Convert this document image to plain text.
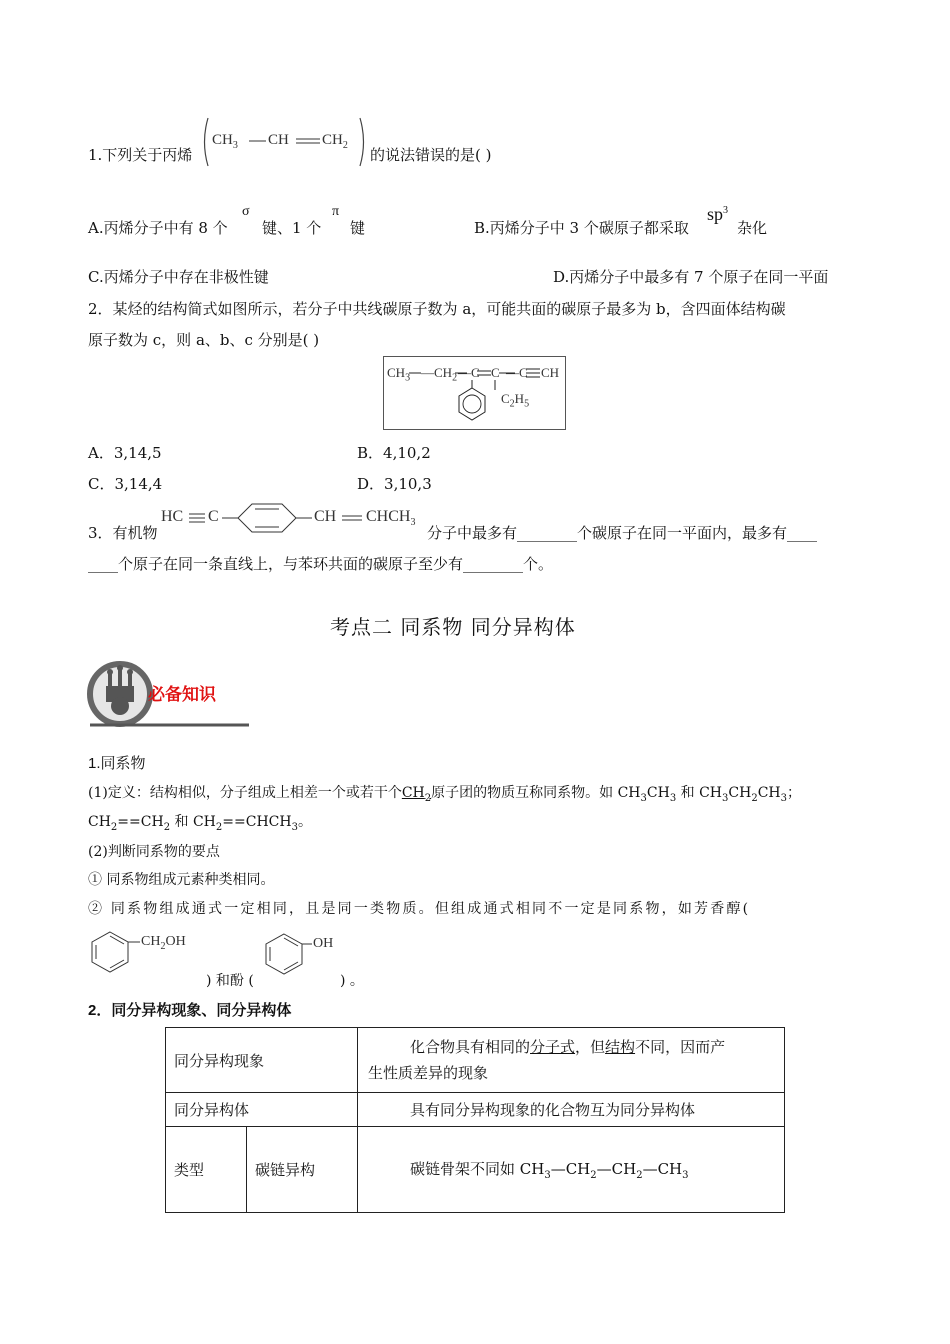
1.下列关于丙烯
$CH_3$ CH $CH_2$
的说法错误的是( )
A.丙烯分子中有 8 个
σ
键、1 个
π
键	B.丙烯分子中 3 个碳原子都采取
$sp^3$
杂化
C.丙烯分子中存在非极性键	D.丙烯分子中最多有 7 个原子在同一平面
2．某烃的结构简式如图所示，若分子中共线碳原子数为 a，可能共面的碳原子最多为 b，含四面体结构碳
原子数为 c，则 a、b、c 分别是( )
$CH_3$ $—CH_2$ —C C —C CH
$C_2H_5$
A．3,14,5	B．4,10,2
C．3,14,4	D．3,10,3
3．有机物
HC C	CH $CHCH_3$
分子中最多有________个碳原子在同一平面内，最多有____
____个原子在同一条直线上，与苯环共面的碳原子至少有________个。
考点二 同系物 同分异构体
必备知识
1.同系物
(1)定义：结构相似，分子组成上相差一个或若干个$CH_2$原子团的物质互称同系物。如 $CH_3CH_3$ 和 $CH_3CH_2CH_3$；
$CH_2==CH_2$ 和 $CH_2==CHCH_3$。
(2)判断同系物的要点
① 同系物组成元素种类相同。
② 同系物组成通式一定相同，且是同一类物质。但组成通式相同不一定是同系物，如芳香醇(
$CH_2OH$
) 和酚 (
OH
) 。
2．同分异构现象、同分异构体
同分异构现象		化合物具有相同的分子式，但结构不同，因而产
生性质差异的现象

同分异构体		具有同分异构现象的化合物互为同分异构体
类型	碳链异构	碳链骨架不同如 $CH_3—CH_2—CH_2—CH_3$
